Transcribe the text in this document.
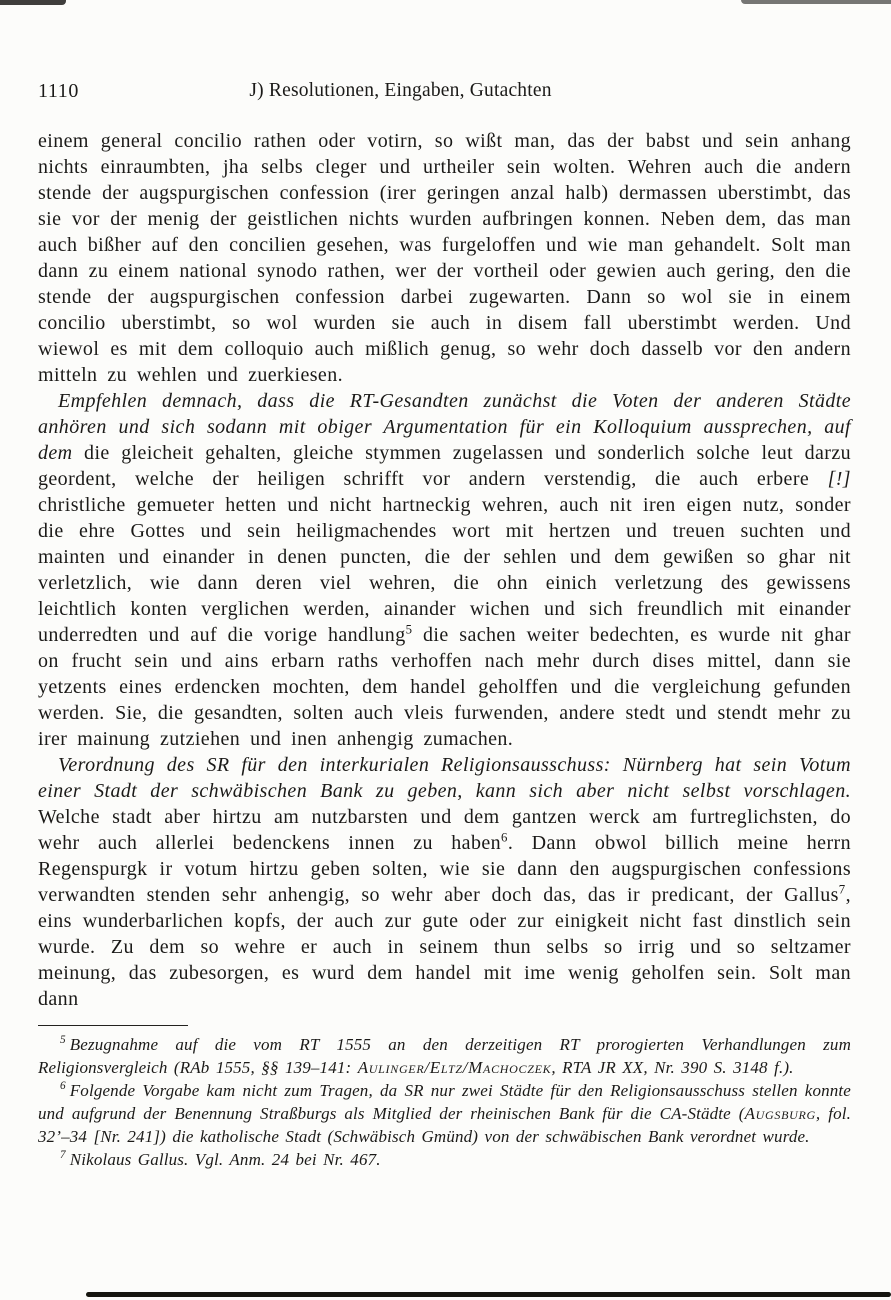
1110	J) Resolutionen, Eingaben, Gutachten

einem general concilio rathen oder votirn, so wißt man, das der babst und sein anhang nichts einraumbten, jha selbs cleger und urtheiler sein wolten. Wehren auch die andern stende der augspurgischen confession (irer geringen anzal halb) dermassen uberstimbt, das sie vor der menig der geistlichen nichts wurden aufbringen konnen. Neben dem, das man auch bißher auf den concilien gesehen, was furgeloffen und wie man gehandelt. Solt man dann zu einem national synodo rathen, wer der vortheil oder gewien auch gering, den die stende der augspurgischen confession darbei zugewarten. Dann so wol sie in einem concilio uberstimbt, so wol wurden sie auch in disem fall uberstimbt werden. Und wiewol es mit dem colloquio auch mißlich genug, so wehr doch dasselb vor den andern mitteln zu wehlen und zuerkiesen.

Empfehlen demnach, dass die RT-Gesandten zunächst die Voten der anderen Städte anhören und sich sodann mit obiger Argumentation für ein Kolloquium aussprechen, auf dem die gleicheit gehalten, gleiche stymmen zugelassen und sonderlich solche leut darzu geordent, welche der heiligen schrifft vor andern verstendig, die auch erbere [!] christliche gemueter hetten und nicht hartneckig wehren, auch nit iren eigen nutz, sonder die ehre Gottes und sein heiligmachendes wort mit hertzen und treuen suchten und mainten und einander in denen puncten, die der sehlen und dem gewißen so ghar nit verletzlich, wie dann deren viel wehren, die ohn einich verletzung des gewissens leichtlich konten verglichen werden, ainander wichen und sich freundlich mit einander underredten und auf die vorige handlung$^5$ die sachen weiter bedechten, es wurde nit ghar on frucht sein und ains erbarn raths verhoffen nach mehr durch dises mittel, dann sie yetzents eines erdencken mochten, dem handel geholffen und die vergleichung gefunden werden. Sie, die gesandten, solten auch vleis furwenden, andere stedt und stendt mehr zu irer mainung zutziehen und inen anhengig zumachen.

Verordnung des SR für den interkurialen Religionsausschuss: Nürnberg hat sein Votum einer Stadt der schwäbischen Bank zu geben, kann sich aber nicht selbst vorschlagen. Welche stadt aber hirtzu am nutzbarsten und dem gantzen werck am furtreglichsten, do wehr auch allerlei bedenckens innen zu haben$^6$. Dann obwol billich meine herrn Regenspurgk ir votum hirtzu geben solten, wie sie dann den augspurgischen confessions verwandten stenden sehr anhengig, so wehr aber doch das, das ir predicant, der Gallus$^7$, eins wunderbarlichen kopfs, der auch zur gute oder zur einigkeit nicht fast dinstlich sein wurde. Zu dem so wehre er auch in seinem thun selbs so irrig und so seltzamer meinung, das zubesorgen, es wurd dem handel mit ime wenig geholfen sein. Solt man dann

$^5$ Bezugnahme auf die vom RT 1555 an den derzeitigen RT prorogierten Verhandlungen zum Religionsvergleich (RAb 1555, §§ 139–141: Aulinger/Eltz/Machoczek, RTA JR XX, Nr. 390 S. 3148 f.).

$^6$ Folgende Vorgabe kam nicht zum Tragen, da SR nur zwei Städte für den Religionsausschuss stellen konnte und aufgrund der Benennung Straßburgs als Mitglied der rheinischen Bank für die CA-Städte (Augsburg, fol. 32’–34 [Nr. 241]) die katholische Stadt (Schwäbisch Gmünd) von der schwäbischen Bank verordnet wurde.

$^7$ Nikolaus Gallus. Vgl. Anm. 24 bei Nr. 467.
